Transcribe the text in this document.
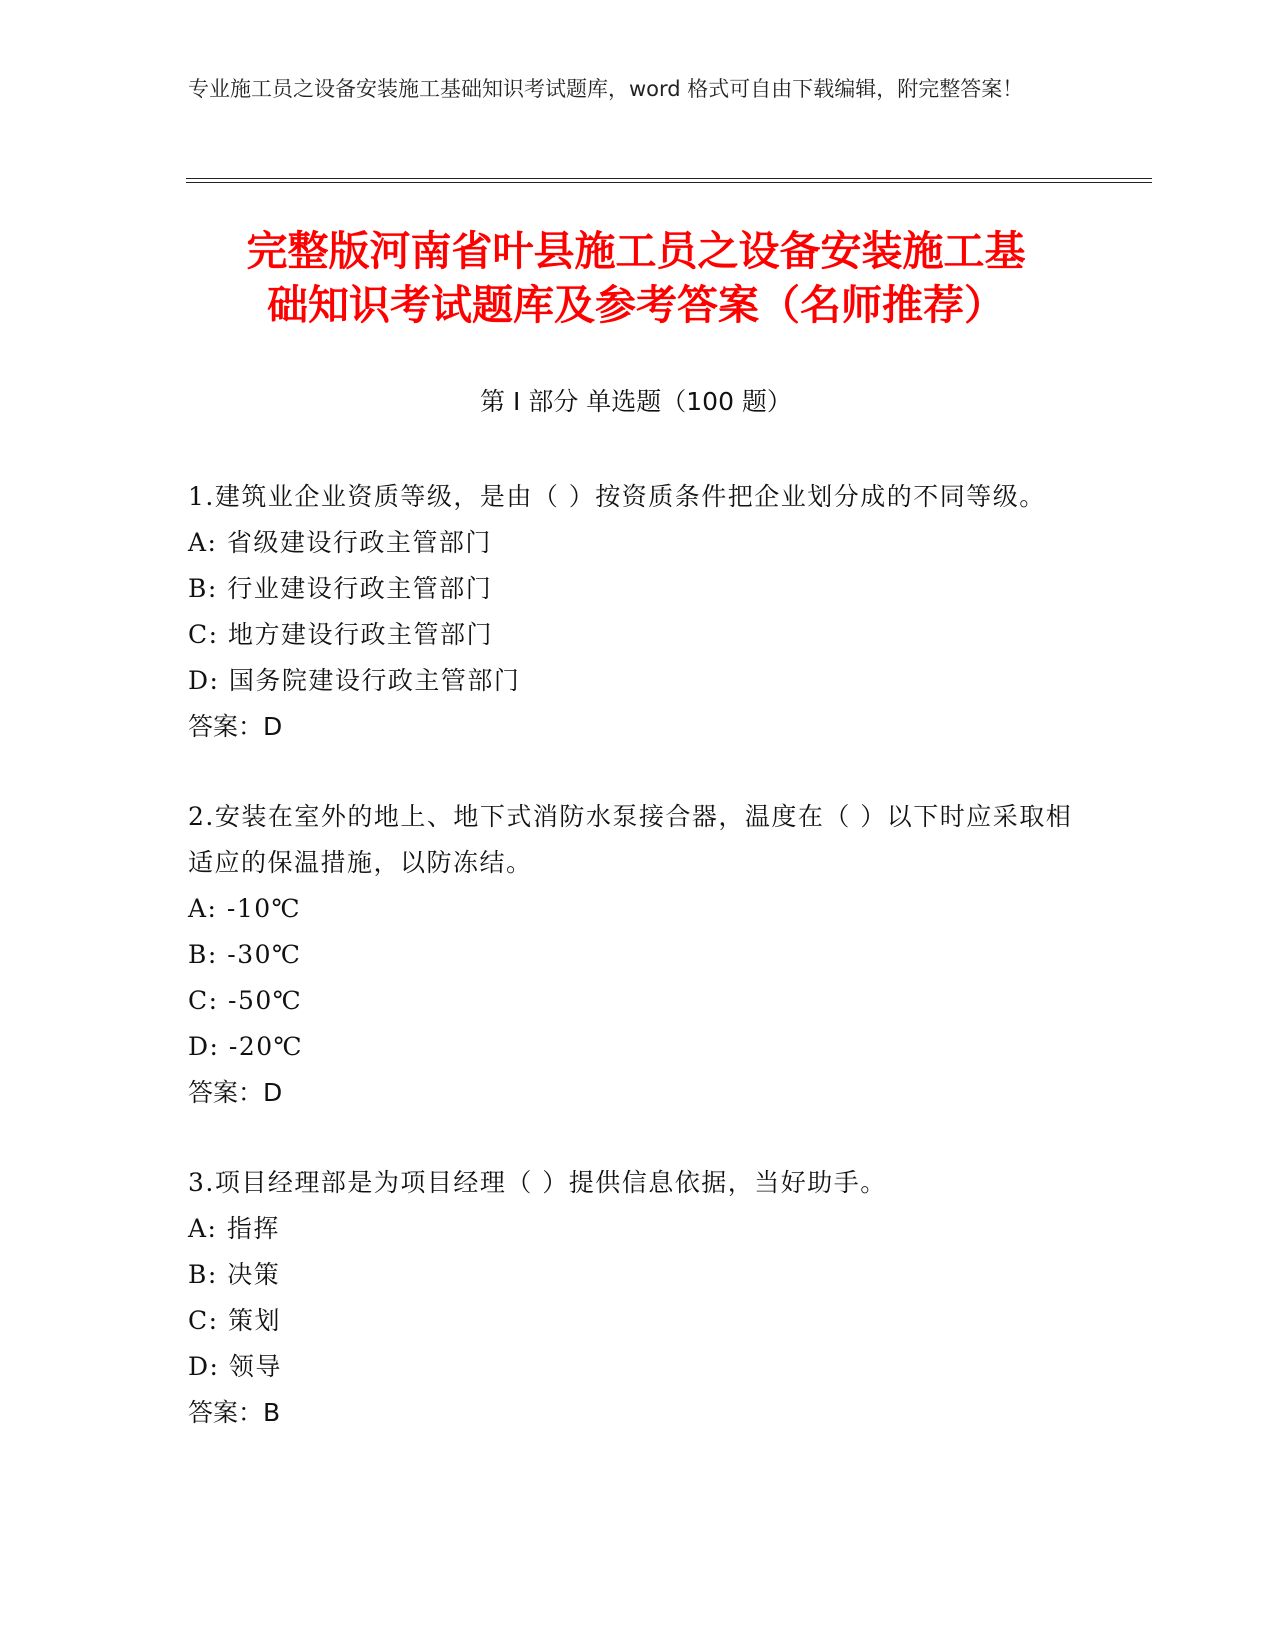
专业施工员之设备安装施工基础知识考试题库，word 格式可自由下载编辑，附完整答案！
完整版河南省叶县施工员之设备安装施工基
础知识考试题库及参考答案（名师推荐）
第 I 部分 单选题（100 题）

1.建筑业企业资质等级，是由（ ）按资质条件把企业划分成的不同等级。

A: 省级建设行政主管部门

B: 行业建设行政主管部门

C: 地方建设行政主管部门

D: 国务院建设行政主管部门

答案：D

2.安装在室外的地上、地下式消防水泵接合器，温度在（ ）以下时应采取相适应的保温措施，以防冻结。

A: -10℃

B: -30℃

C: -50℃

D: -20℃

答案：D

3.项目经理部是为项目经理（ ）提供信息依据，当好助手。

A: 指挥

B: 决策

C: 策划

D: 领导

答案：B
